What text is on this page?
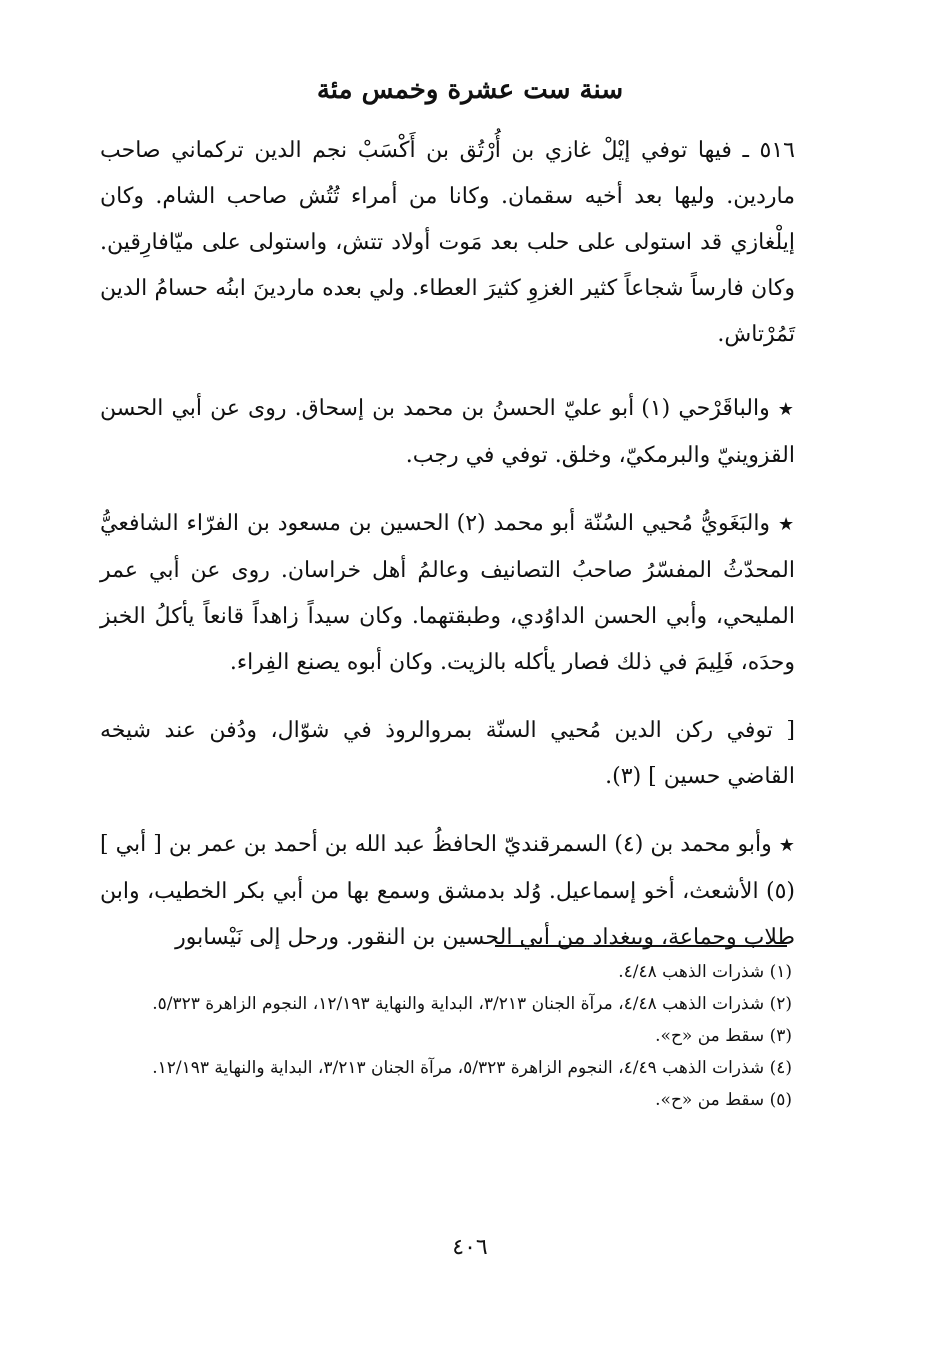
سنة ست عشرة وخمس مئة

٥١٦ ـ فيها توفي إيْلْ غازي بن أُرْتُق بن أَكْسَبْ نجم الدين تركماني صاحب ماردين. وليها بعد أخيه سقمان. وكانا من أمراء تُتُش صاحب الشام. وكان إيلْغازي قد استولى على حلب بعد مَوت أولاد تتش، واستولى على ميّافارِقين. وكان فارساً شجاعاً كثير الغزوِ كثيرَ العطاء. ولي بعده ماردينَ ابنُه حسامُ الدين تَمُرْتاش.

★ والباقَرْحي (١) أبو عليّ الحسنُ بن محمد بن إسحاق. روى عن أبي الحسن القزوينيّ والبرمكيّ، وخلق. توفي في رجب.

★ والبَغَويُّ مُحيي السُنّة أبو محمد (٢) الحسين بن مسعود بن الفرّاء الشافعيُّ المحدّثُ المفسّرُ صاحبُ التصانيف وعالمُ أهل خراسان. روى عن أبي عمر المليحي، وأبي الحسن الداوُدي، وطبقتهما. وكان سيداً زاهداً قانعاً يأكلُ الخبز وحدَه، فَلِيمَ في ذلك فصار يأكله بالزيت. وكان أبوه يصنع الفِراء.

[ توفي ركن الدين مُحيي السنّة بمروالروذ في شوّال، ودُفن عند شيخه القاضي حسين ] (٣).

★ وأبو محمد بن (٤) السمرقنديّ الحافظُ عبد الله بن أحمد بن عمر بن [ أبي ] (٥) الأشعث، أخو إسماعيل. وُلد بدمشق وسمع بها من أبي بكر الخطيب، وابن طلاب وجماعة، وببغداد من أبي الحسين بن النقور. ورحل إلى نَيْسابور

(١) شذرات الذهب ٤/٤٨.
(٢) شذرات الذهب ٤/٤٨، مرآة الجنان ٣/٢١٣، البداية والنهاية ١٢/١٩٣، النجوم الزاهرة ٥/٣٢٣.
(٣) سقط من «ح».
(٤) شذرات الذهب ٤/٤٩، النجوم الزاهرة ٥/٣٢٣، مرآة الجنان ٣/٢١٣، البداية والنهاية ١٢/١٩٣.
(٥) سقط من «ح».
٤٠٦
